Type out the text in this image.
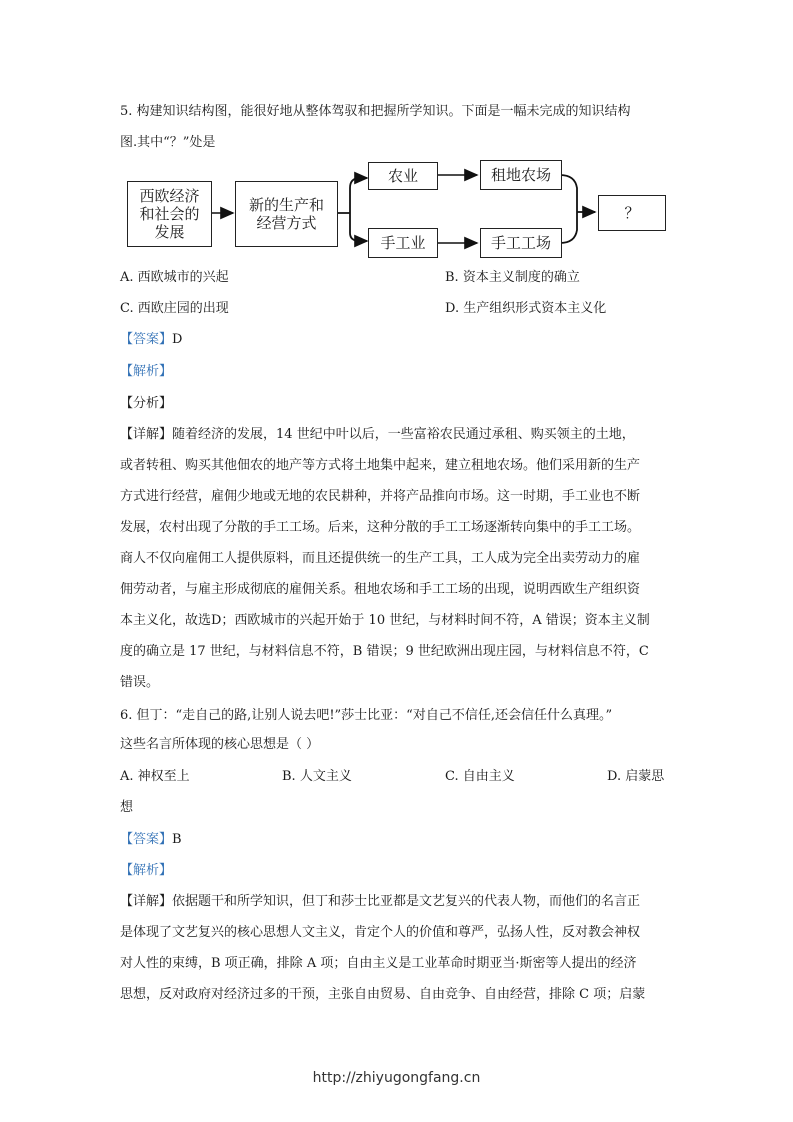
5. 构建知识结构图，能很好地从整体驾驭和把握所学知识。下面是一幅未完成的知识结构
图.其中“？”处是
西欧经济
和社会的
发展
新的生产和
经营方式
农业	租地农场
手工业	手工工场
？
A. 西欧城市的兴起	B. 资本主义制度的确立
C. 西欧庄园的出现	D. 生产组织形式资本主义化
【答案】D
【解析】
【分析】
【详解】随着经济的发展，14 世纪中叶以后，一些富裕农民通过承租、购买领主的土地，
或者转租、购买其他佃农的地产等方式将土地集中起来，建立租地农场。他们采用新的生产
方式进行经营，雇佣少地或无地的农民耕种，并将产品推向市场。这一时期，手工业也不断
发展，农村出现了分散的手工工场。后来，这种分散的手工工场逐渐转向集中的手工工场。
商人不仅向雇佣工人提供原料，而且还提供统一的生产工具，工人成为完全出卖劳动力的雇
佣劳动者，与雇主形成彻底的雇佣关系。租地农场和手工工场的出现，说明西欧生产组织资
本主义化，故选D；西欧城市的兴起开始于 10 世纪，与材料时间不符，A 错误；资本主义制
度的确立是 17 世纪，与材料信息不符，B 错误；9 世纪欧洲出现庄园，与材料信息不符，C
错误。
6. 但丁：“走自己的路,让别人说去吧!”莎士比亚：“对自己不信任,还会信任什么真理。”
这些名言所体现的核心思想是（ ）
A. 神权至上	B. 人文主义	C. 自由主义	D. 启蒙思
想
【答案】B
【解析】
【详解】依据题干和所学知识，但丁和莎士比亚都是文艺复兴的代表人物，而他们的名言正
是体现了文艺复兴的核心思想人文主义，肯定个人的价值和尊严，弘扬人性，反对教会神权
对人性的束缚，B 项正确，排除 A 项；自由主义是工业革命时期亚当·斯密等人提出的经济
思想，反对政府对经济过多的干预，主张自由贸易、自由竞争、自由经营，排除 C 项；启蒙
http://zhiyugongfang.cn
